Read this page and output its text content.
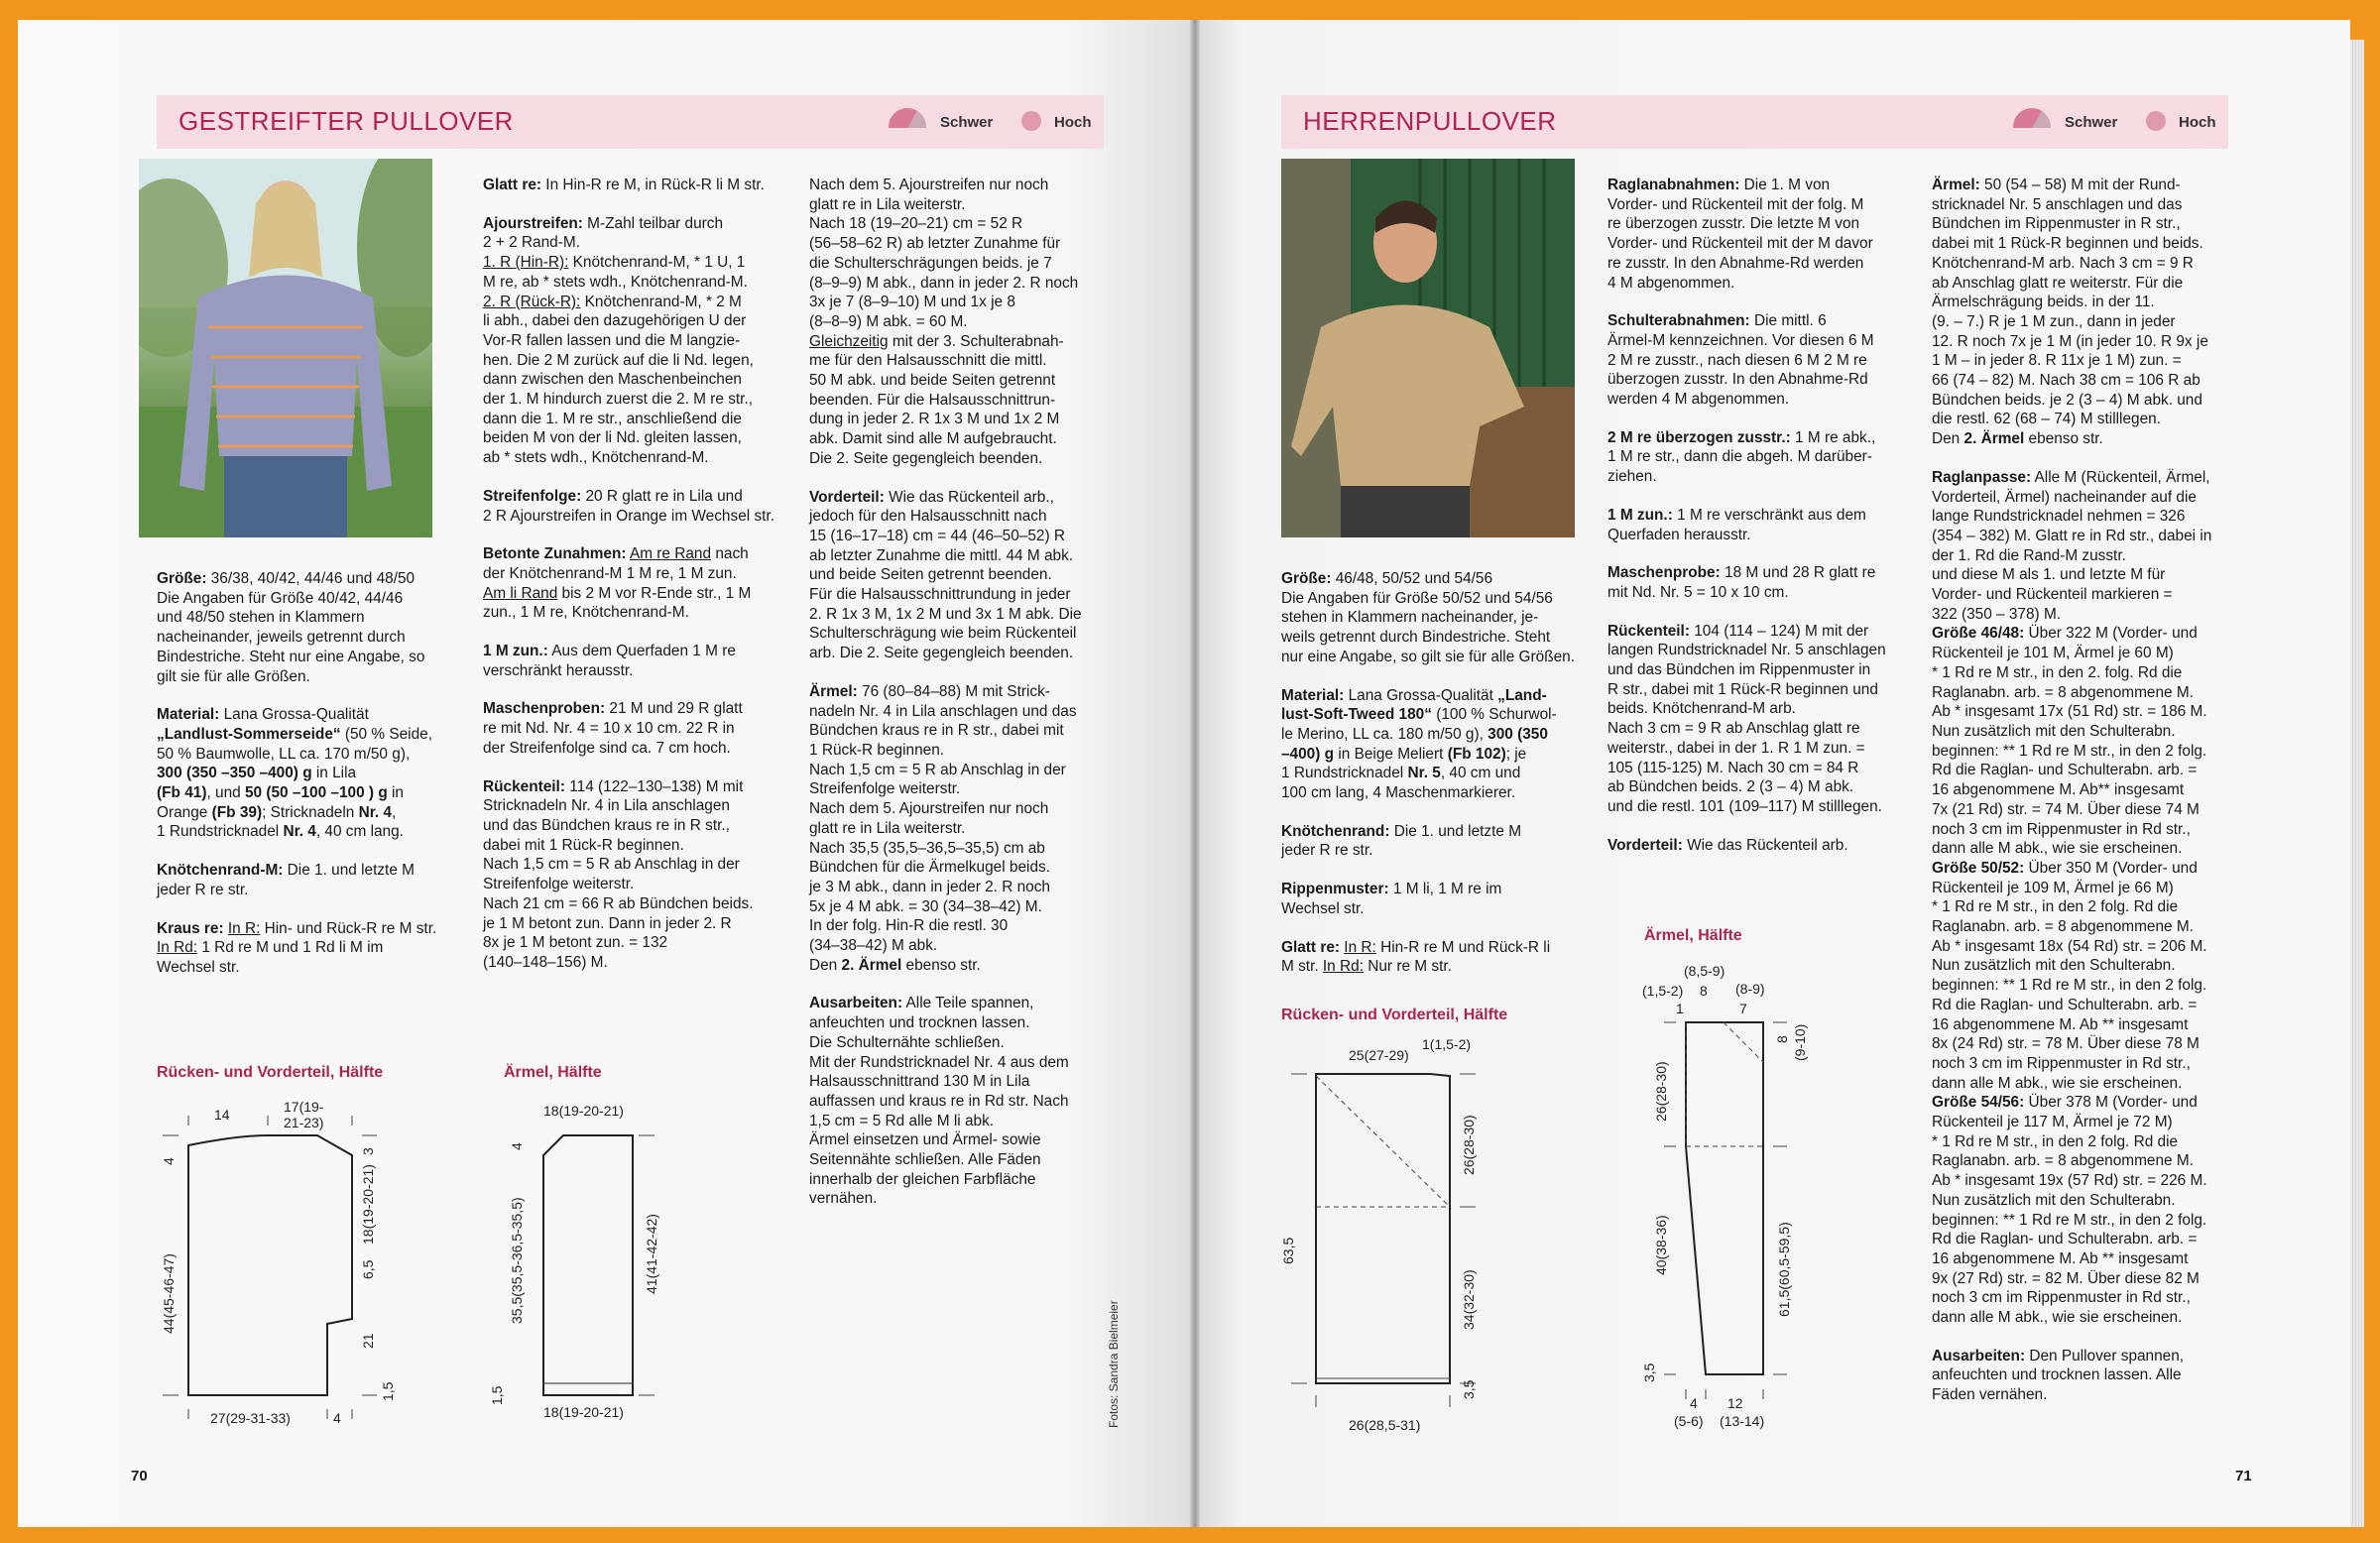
GESTREIFTER PULLOVER	Schwer	Hoch	HERRENPULLOVER	Schwer	Hoch

Größe: 36/38, 40/42, 44/46 und 48/50
Die Angaben für Größe 40/42, 44/46
und 48/50 stehen in Klammern
nacheinander, jeweils getrennt durch
Bindestriche. Steht nur eine Angabe, so
gilt sie für alle Größen.

Material: Lana Grossa-Qualität
„Landlust-Sommerseide“ (50 % Seide,
50 % Baumwolle, LL ca. 170 m/50 g),
300 (350 –350 –400) g in Lila
(Fb 41), und 50 (50 –100 –100 ) g in
Orange (Fb 39); Stricknadeln Nr. 4,
1 Rundstricknadel Nr. 4, 40 cm lang.

Knötchenrand-M: Die 1. und letzte M
jeder R re str.

Kraus re: In R: Hin- und Rück-R re M str.
In Rd: 1 Rd re M und 1 Rd li M im
Wechsel str.

Glatt re: In Hin-R re M, in Rück-R li M str.

Ajourstreifen: M-Zahl teilbar durch
2 + 2 Rand-M.
1. R (Hin-R): Knötchenrand-M, * 1 U, 1
M re, ab * stets wdh., Knötchenrand-M.
2. R (Rück-R): Knötchenrand-M, * 2 M
li abh., dabei den dazugehörigen U der
Vor-R fallen lassen und die M langzie-
hen. Die 2 M zurück auf die li Nd. legen,
dann zwischen den Maschenbeinchen
der 1. M hindurch zuerst die 2. M re str.,
dann die 1. M re str., anschließend die
beiden M von der li Nd. gleiten lassen,
ab * stets wdh., Knötchenrand-M.

Streifenfolge: 20 R glatt re in Lila und
2 R Ajourstreifen in Orange im Wechsel str.

Betonte Zunahmen: Am re Rand nach
der Knötchenrand-M 1 M re, 1 M zun.
Am li Rand bis 2 M vor R-Ende str., 1 M
zun., 1 M re, Knötchenrand-M.

1 M zun.: Aus dem Querfaden 1 M re
verschränkt herausstr.

Maschenproben: 21 M und 29 R glatt
re mit Nd. Nr. 4 = 10 x 10 cm. 22 R in
der Streifenfolge sind ca. 7 cm hoch.

Rückenteil: 114 (122–130–138) M mit
Stricknadeln Nr. 4 in Lila anschlagen
und das Bündchen kraus re in R str.,
dabei mit 1 Rück-R beginnen.
Nach 1,5 cm = 5 R ab Anschlag in der
Streifenfolge weiterstr.
Nach 21 cm = 66 R ab Bündchen beids.
je 1 M betont zun. Dann in jeder 2. R
8x je 1 M betont zun. = 132
(140–148–156) M.

Nach dem 5. Ajourstreifen nur noch
glatt re in Lila weiterstr.
Nach 18 (19–20–21) cm = 52 R
(56–58–62 R) ab letzter Zunahme für
die Schulterschrägungen beids. je 7
(8–9–9) M abk., dann in jeder 2. R noch
3x je 7 (8–9–10) M und 1x je 8
(8–8–9) M abk. = 60 M.
Gleichzeitig mit der 3. Schulterabnah-
me für den Halsausschnitt die mittl.
50 M abk. und beide Seiten getrennt
beenden. Für die Halsausschnittrun-
dung in jeder 2. R 1x 3 M und 1x 2 M
abk. Damit sind alle M aufgebraucht.
Die 2. Seite gegengleich beenden.

Vorderteil: Wie das Rückenteil arb.,
jedoch für den Halsausschnitt nach
15 (16–17–18) cm = 44 (46–50–52) R
ab letzter Zunahme die mittl. 44 M abk.
und beide Seiten getrennt beenden.
Für die Halsausschnittrundung in jeder
2. R 1x 3 M, 1x 2 M und 3x 1 M abk. Die
Schulterschrägung wie beim Rückenteil
arb. Die 2. Seite gegengleich beenden.

Ärmel: 76 (80–84–88) M mit Strick-
nadeln Nr. 4 in Lila anschlagen und das
Bündchen kraus re in R str., dabei mit
1 Rück-R beginnen.
Nach 1,5 cm = 5 R ab Anschlag in der
Streifenfolge weiterstr.
Nach dem 5. Ajourstreifen nur noch
glatt re in Lila weiterstr.
Nach 35,5 (35,5–36,5–35,5) cm ab
Bündchen für die Ärmelkugel beids.
je 3 M abk., dann in jeder 2. R noch
5x je 4 M abk. = 30 (34–38–42) M.
In der folg. Hin-R die restl. 30
(34–38–42) M abk.
Den 2. Ärmel ebenso str.

Ausarbeiten: Alle Teile spannen,
anfeuchten und trocknen lassen.
Die Schulternähte schließen.
Mit der Rundstricknadel Nr. 4 aus dem
Halsausschnittrand 130 M in Lila
auffassen und kraus re in Rd str. Nach
1,5 cm = 5 Rd alle M li abk.
Ärmel einsetzen und Ärmel- sowie
Seitennähte schließen. Alle Fäden
innerhalb der gleichen Farbfläche
vernähen.

Größe: 46/48, 50/52 und 54/56
Die Angaben für Größe 50/52 und 54/56
stehen in Klammern nacheinander, je-
weils getrennt durch Bindestriche. Steht
nur eine Angabe, so gilt sie für alle Größen.

Material: Lana Grossa-Qualität „Land-
lust-Soft-Tweed 180“ (100 % Schurwol-
le Merino, LL ca. 180 m/50 g), 300 (350
–400) g in Beige Meliert (Fb 102); je
1 Rundstricknadel Nr. 5, 40 cm und
100 cm lang, 4 Maschenmarkierer.

Knötchenrand: Die 1. und letzte M
jeder R re str.

Rippenmuster: 1 M li, 1 M re im
Wechsel str.

Glatt re: In R: Hin-R re M und Rück-R li
M str. In Rd: Nur re M str.

Raglanabnahmen: Die 1. M von
Vorder- und Rückenteil mit der folg. M
re überzogen zusstr. Die letzte M von
Vorder- und Rückenteil mit der M davor
re zusstr. In den Abnahme-Rd werden
4 M abgenommen.

Schulterabnahmen: Die mittl. 6
Ärmel-M kennzeichnen. Vor diesen 6 M
2 M re zusstr., nach diesen 6 M 2 M re
überzogen zusstr. In den Abnahme-Rd
werden 4 M abgenommen.

2 M re überzogen zusstr.: 1 M re abk.,
1 M re str., dann die abgeh. M darüber-
ziehen.

1 M zun.: 1 M re verschränkt aus dem
Querfaden herausstr.

Maschenprobe: 18 M und 28 R glatt re
mit Nd. Nr. 5 = 10 x 10 cm.

Rückenteil: 104 (114 – 124) M mit der
langen Rundstricknadel Nr. 5 anschlagen
und das Bündchen im Rippenmuster in
R str., dabei mit 1 Rück-R beginnen und
beids. Knötchenrand-M arb.
Nach 3 cm = 9 R ab Anschlag glatt re
weiterstr., dabei in der 1. R 1 M zun. =
105 (115-125) M. Nach 30 cm = 84 R
ab Bündchen beids. 2 (3 – 4) M abk.
und die restl. 101 (109–117) M stilllegen.

Vorderteil: Wie das Rückenteil arb.

Ärmel: 50 (54 – 58) M mit der Rund-
stricknadel Nr. 5 anschlagen und das
Bündchen im Rippenmuster in R str.,
dabei mit 1 Rück-R beginnen und beids.
Knötchenrand-M arb. Nach 3 cm = 9 R
ab Anschlag glatt re weiterstr. Für die
Ärmelschrägung beids. in der 11.
(9. – 7.) R je 1 M zun., dann in jeder
12. R noch 7x je 1 M (in jeder 10. R 9x je
1 M – in jeder 8. R 11x je 1 M) zun. =
66 (74 – 82) M. Nach 38 cm = 106 R ab
Bündchen beids. je 2 (3 – 4) M abk. und
die restl. 62 (68 – 74) M stilllegen.
Den 2. Ärmel ebenso str.

Raglanpasse: Alle M (Rückenteil, Ärmel,
Vorderteil, Ärmel) nacheinander auf die
lange Rundstricknadel nehmen = 326
(354 – 382) M. Glatt re in Rd str., dabei in
der 1. Rd die Rand-M zusstr.
und diese M als 1. und letzte M für
Vorder- und Rückenteil markieren =
322 (350 – 378) M.
Größe 46/48: Über 322 M (Vorder- und
Rückenteil je 101 M, Ärmel je 60 M)
* 1 Rd re M str., in den 2. folg. Rd die
Raglanabn. arb. = 8 abgenommene M.
Ab * insgesamt 17x (51 Rd) str. = 186 M.
Nun zusätzlich mit den Schulterabn.
beginnen: ** 1 Rd re M str., in den 2 folg.
Rd die Raglan- und Schulterabn. arb. =
16 abgenommene M. Ab** insgesamt
7x (21 Rd) str. = 74 M. Über diese 74 M
noch 3 cm im Rippenmuster in Rd str.,
dann alle M abk., wie sie erscheinen.
Größe 50/52: Über 350 M (Vorder- und
Rückenteil je 109 M, Ärmel je 66 M)
* 1 Rd re M str., in den 2 folg. Rd die
Raglanabn. arb. = 8 abgenommene M.
Ab * insgesamt 18x (54 Rd) str. = 206 M.
Nun zusätzlich mit den Schulterabn.
beginnen: ** 1 Rd re M str., in den 2 folg.
Rd die Raglan- und Schulterabn. arb. =
16 abgenommene M. Ab ** insgesamt
8x (24 Rd) str. = 78 M. Über diese 78 M
noch 3 cm im Rippenmuster in Rd str.,
dann alle M abk., wie sie erscheinen.
Größe 54/56: Über 378 M (Vorder- und
Rückenteil je 117 M, Ärmel je 72 M)
* 1 Rd re M str., in den 2 folg. Rd die
Raglanabn. arb. = 8 abgenommene M.
Ab * insgesamt 19x (57 Rd) str. = 226 M.
Nun zusätzlich mit den Schulterabn.
beginnen: ** 1 Rd re M str., in den 2 folg.
Rd die Raglan- und Schulterabn. arb. =
16 abgenommene M. Ab ** insgesamt
9x (27 Rd) str. = 82 M. Über diese 82 M
noch 3 cm im Rippenmuster in Rd str.,
dann alle M abk., wie sie erscheinen.

Ausarbeiten: Den Pullover spannen,
anfeuchten und trocknen lassen. Alle
Fäden vernähen.

Rücken- und Vorderteil, Hälfte	Ärmel, Hälfte
14	17(19-
21-23)
4
44(45-46-47)
18(19-20-21)
3
6,5
21
1,5
27(29-31-33)	4
18(19-20-21)
18(19-20-21)
4
35,5(35,5-36,5-35,5)
1,5
41(41-42-42)
Ärmel, Hälfte
Rücken- und Vorderteil, Hälfte
25(27-29)
1(1,5-2)
63,5
26(28-30)
34(32-30)
3,5
26(28,5-31)
(8,5-9)
(1,5-2) 8 (8-9)
1	7
26(28-30)
40(38-36)
3,5
8 (9-10)
61,5(60,5-59,5)
4
(5-6)
12
(13-14)
Fotos: Sandra Bielmeier
70	71
